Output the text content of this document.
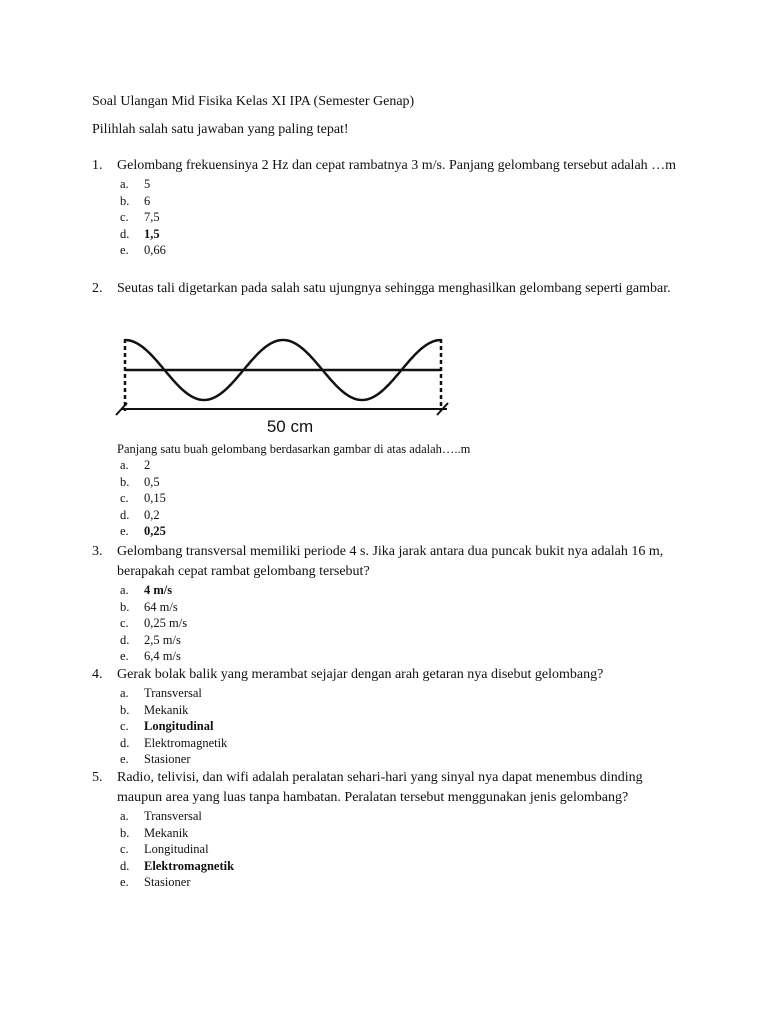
Soal Ulangan Mid Fisika Kelas XI IPA (Semester Genap)
Pilihlah salah satu jawaban yang paling tepat!
1. Gelombang frekuensinya 2 Hz dan cepat rambatnya 3 m/s. Panjang gelombang tersebut adalah …m
a.	5
b.	6
c.	7,5
d.	1,5
e.	0,66
2. Seutas tali digetarkan pada salah satu ujungnya sehingga menghasilkan gelombang seperti gambar.
50 cm
Panjang satu buah gelombang berdasarkan gambar di atas adalah…..m
a.	2
b.	0,5
c.	0,15
d.	0,2
e.	0,25
3. Gelombang transversal memiliki periode 4 s. Jika jarak antara dua puncak bukit nya adalah 16 m, berapakah cepat rambat gelombang tersebut?
a.	4 m/s
b.	64 m/s
c.	0,25 m/s
d.	2,5 m/s
e.	6,4 m/s
4. Gerak bolak balik yang merambat sejajar dengan arah getaran nya disebut gelombang?
a.	Transversal
b.	Mekanik
c.	Longitudinal
d.	Elektromagnetik
e.	Stasioner
5. Radio, telivisi, dan wifi adalah peralatan sehari-hari yang sinyal nya dapat menembus dinding maupun area yang luas tanpa hambatan. Peralatan tersebut menggunakan jenis gelombang?
a.	Transversal
b.	Mekanik
c.	Longitudinal
d.	Elektromagnetik
e.	Stasioner
